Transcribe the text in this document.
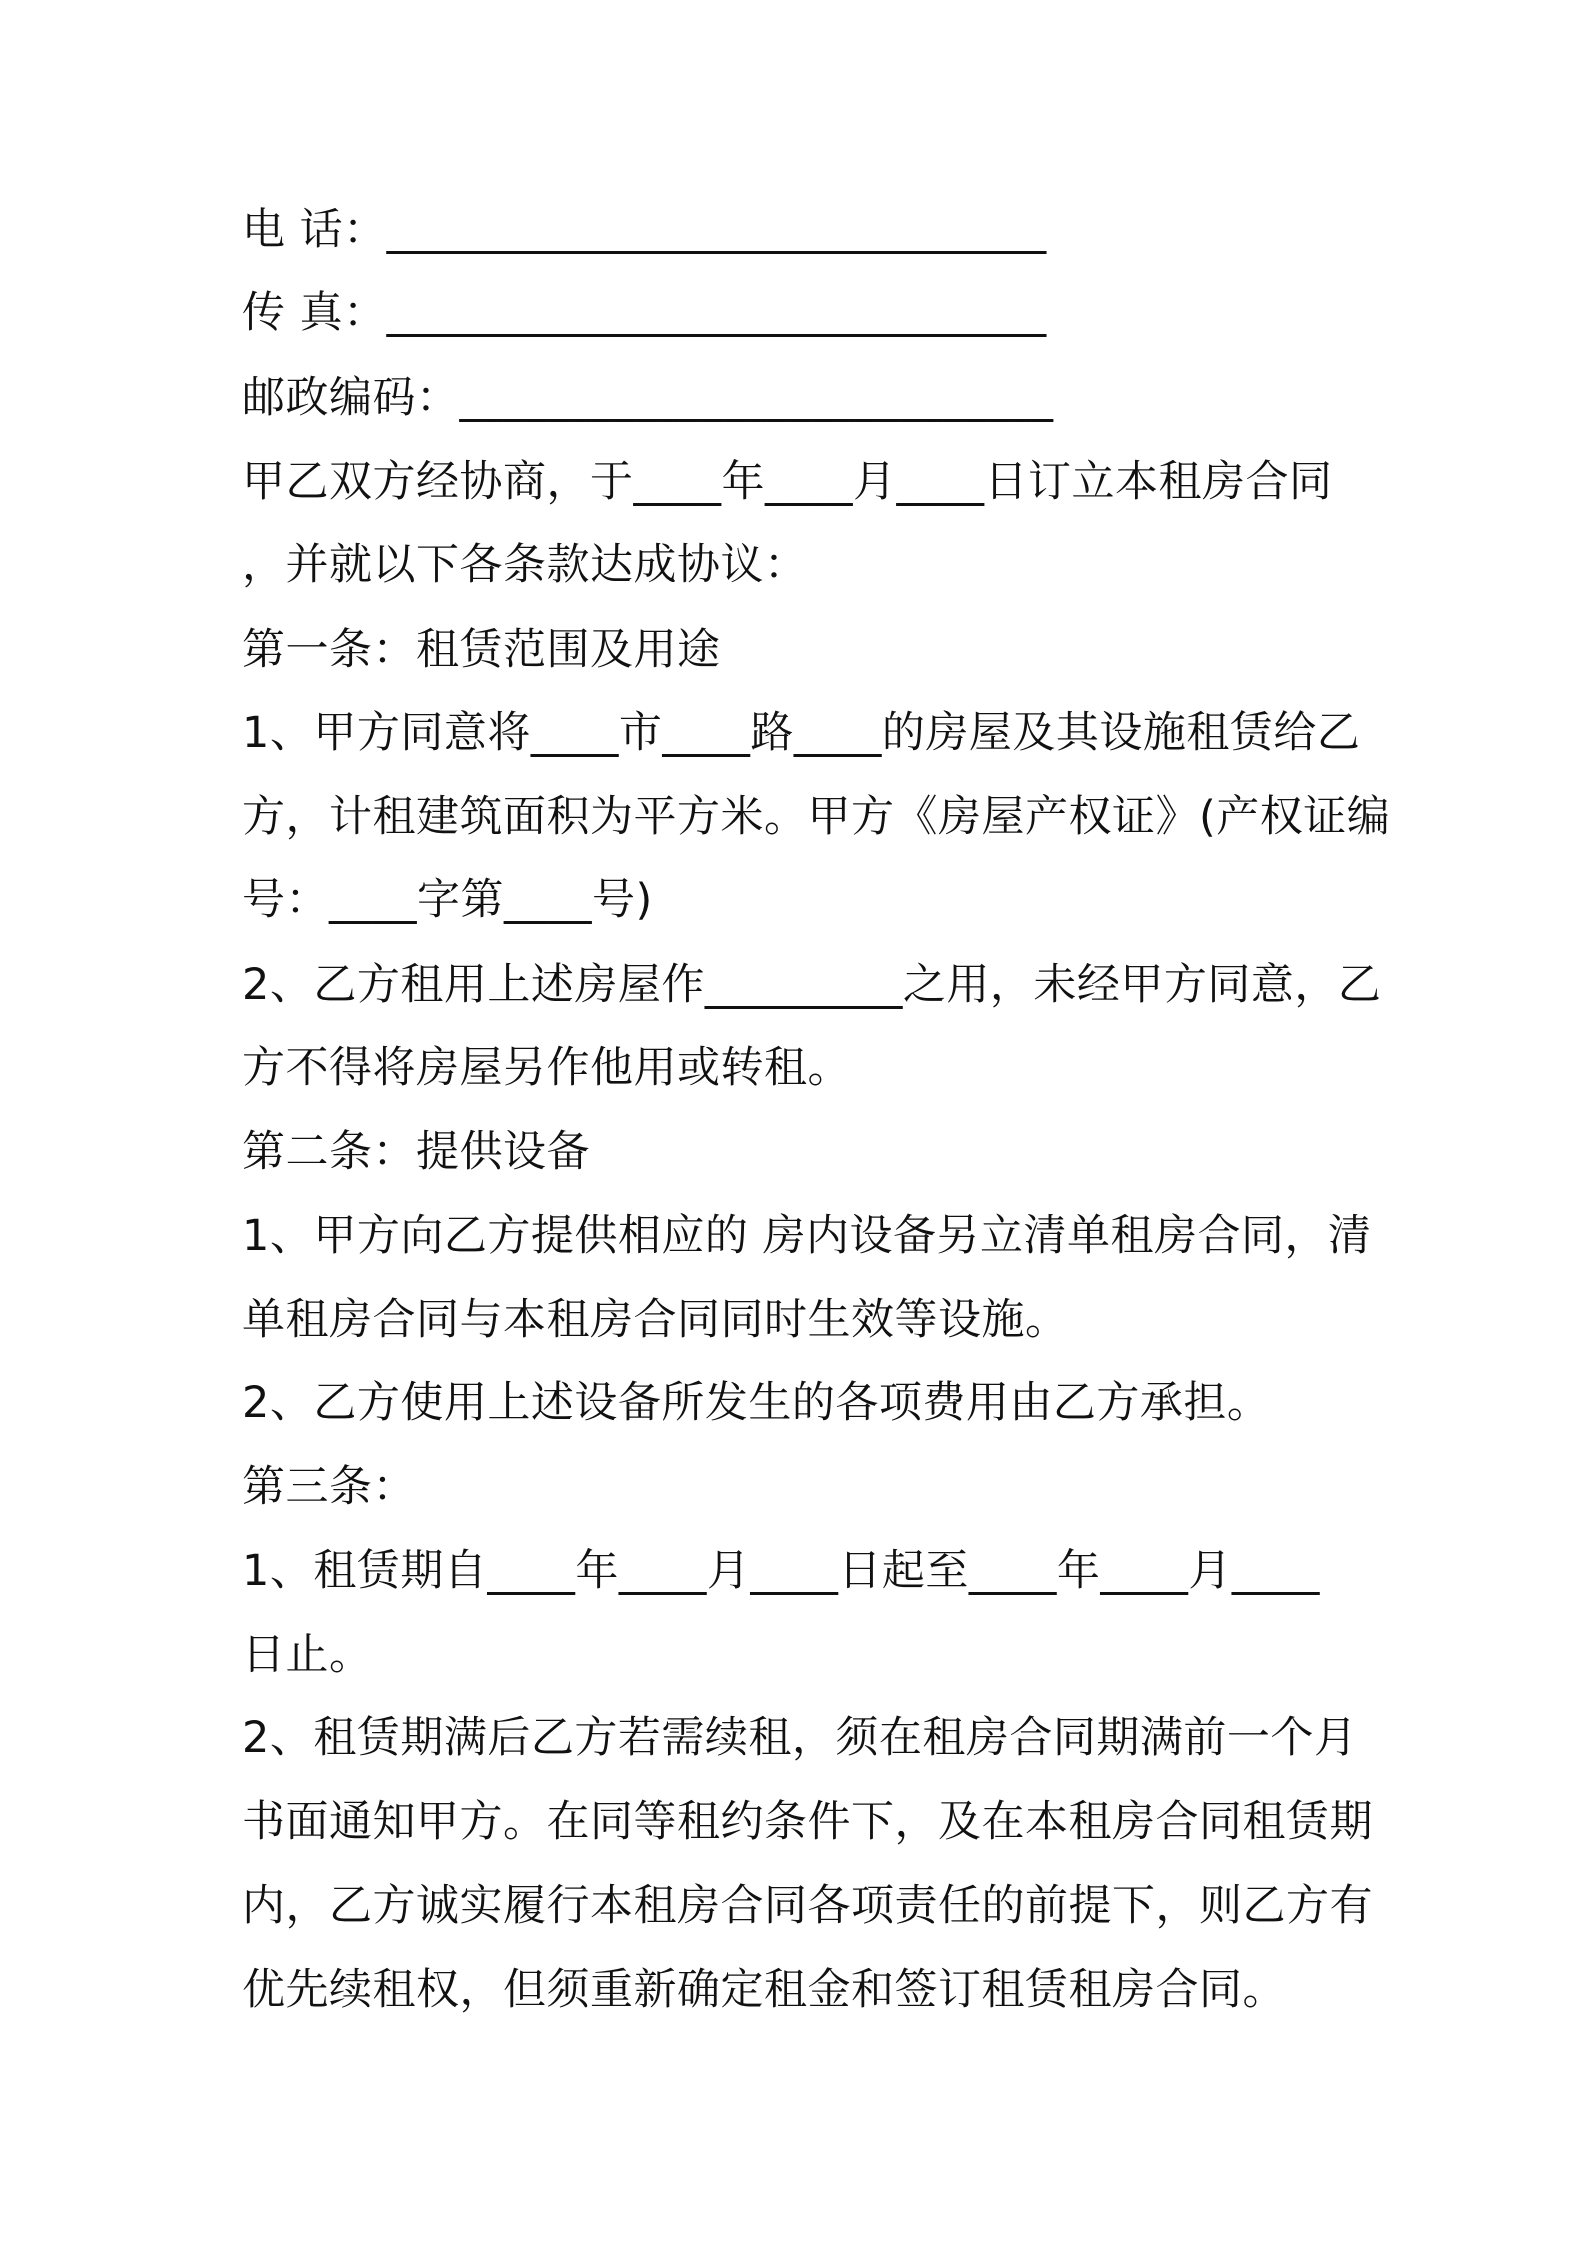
电 话：______________________________
传 真：______________________________
邮政编码：___________________________
甲乙双方经协商，于____年____月____日订立本租房合同
，并就以下各条款达成协议：
第一条：租赁范围及用途
1、甲方同意将____市____路____的房屋及其设施租赁给乙
方，计租建筑面积为平方米。甲方《房屋产权证》(产权证编
号：____字第____号)
2、乙方租用上述房屋作_________之用，未经甲方同意，乙
方不得将房屋另作他用或转租。
第二条：提供设备
1、甲方向乙方提供相应的 房内设备另立清单租房合同，清
单租房合同与本租房合同同时生效等设施。
2、乙方使用上述设备所发生的各项费用由乙方承担。
第三条：
1、租赁期自____年____月____日起至____年____月____
日止。
2、租赁期满后乙方若需续租，须在租房合同期满前一个月
书面通知甲方。在同等租约条件下，及在本租房合同租赁期
内，乙方诚实履行本租房合同各项责任的前提下，则乙方有
优先续租权，但须重新确定租金和签订租赁租房合同。
